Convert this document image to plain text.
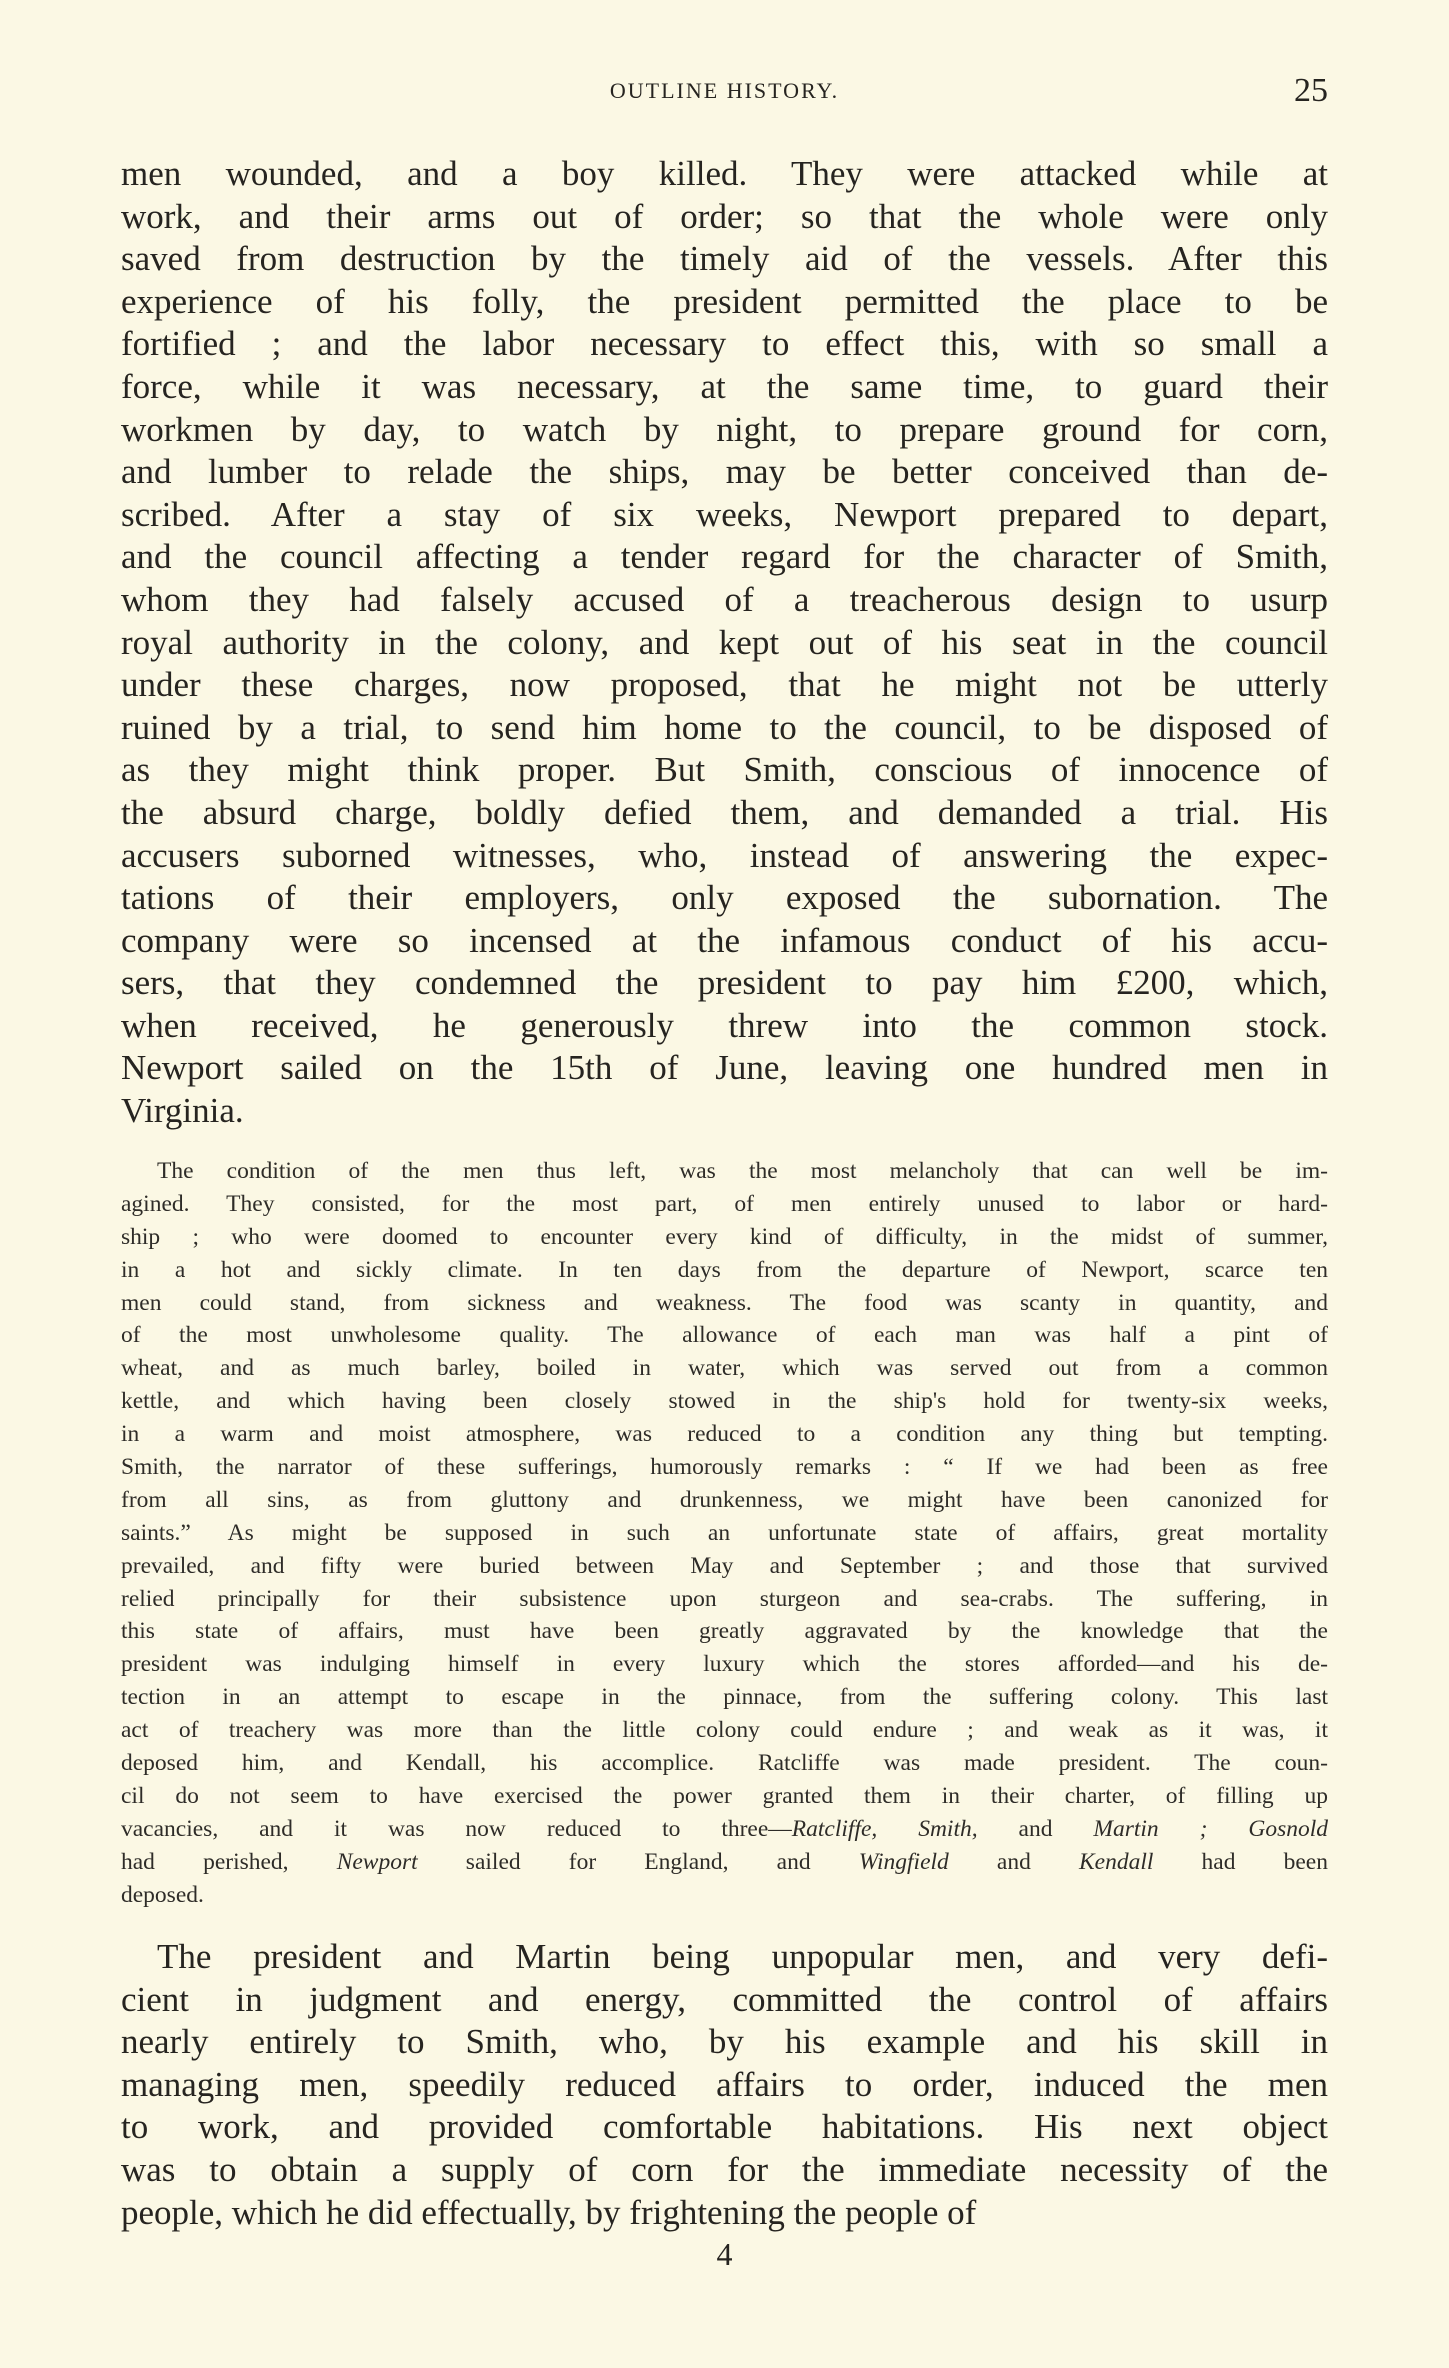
OUTLINE HISTORY.	25
men wounded, and a boy killed. They were attacked while at
work, and their arms out of order; so that the whole were only
saved from destruction by the timely aid of the vessels. After this
experience of his folly, the president permitted the place to be
fortified ; and the labor necessary to effect this, with so small a
force, while it was necessary, at the same time, to guard their
workmen by day, to watch by night, to prepare ground for corn,
and lumber to relade the ships, may be better conceived than de-
scribed. After a stay of six weeks, Newport prepared to depart,
and the council affecting a tender regard for the character of Smith,
whom they had falsely accused of a treacherous design to usurp
royal authority in the colony, and kept out of his seat in the council
under these charges, now proposed, that he might not be utterly
ruined by a trial, to send him home to the council, to be disposed of
as they might think proper. But Smith, conscious of innocence of
the absurd charge, boldly defied them, and demanded a trial. His
accusers suborned witnesses, who, instead of answering the expec-
tations of their employers, only exposed the subornation. The
company were so incensed at the infamous conduct of his accu-
sers, that they condemned the president to pay him £200, which,
when received, he generously threw into the common stock.
Newport sailed on the 15th of June, leaving one hundred men in
Virginia.
The condition of the men thus left, was the most melancholy that can well be im-
agined. They consisted, for the most part, of men entirely unused to labor or hard-
ship ; who were doomed to encounter every kind of difficulty, in the midst of summer,
in a hot and sickly climate. In ten days from the departure of Newport, scarce ten
men could stand, from sickness and weakness. The food was scanty in quantity, and
of the most unwholesome quality. The allowance of each man was half a pint of
wheat, and as much barley, boiled in water, which was served out from a common
kettle, and which having been closely stowed in the ship's hold for twenty-six weeks,
in a warm and moist atmosphere, was reduced to a condition any thing but tempting.
Smith, the narrator of these sufferings, humorously remarks : “ If we had been as free
from all sins, as from gluttony and drunkenness, we might have been canonized for
saints.” As might be supposed in such an unfortunate state of affairs, great mortality
prevailed, and fifty were buried between May and September ; and those that survived
relied principally for their subsistence upon sturgeon and sea-crabs. The suffering, in
this state of affairs, must have been greatly aggravated by the knowledge that the
president was indulging himself in every luxury which the stores afforded—and his de-
tection in an attempt to escape in the pinnace, from the suffering colony. This last
act of treachery was more than the little colony could endure ; and weak as it was, it
deposed him, and Kendall, his accomplice. Ratcliffe was made president. The coun-
cil do not seem to have exercised the power granted them in their charter, of filling up
vacancies, and it was now reduced to three—Ratcliffe, Smith, and Martin ; Gosnold
had perished, Newport sailed for England, and Wingfield and Kendall had been
deposed.
The president and Martin being unpopular men, and very defi-
cient in judgment and energy, committed the control of affairs
nearly entirely to Smith, who, by his example and his skill in
managing men, speedily reduced affairs to order, induced the men
to work, and provided comfortable habitations. His next object
was to obtain a supply of corn for the immediate necessity of the
people, which he did effectually, by frightening the people of
4
